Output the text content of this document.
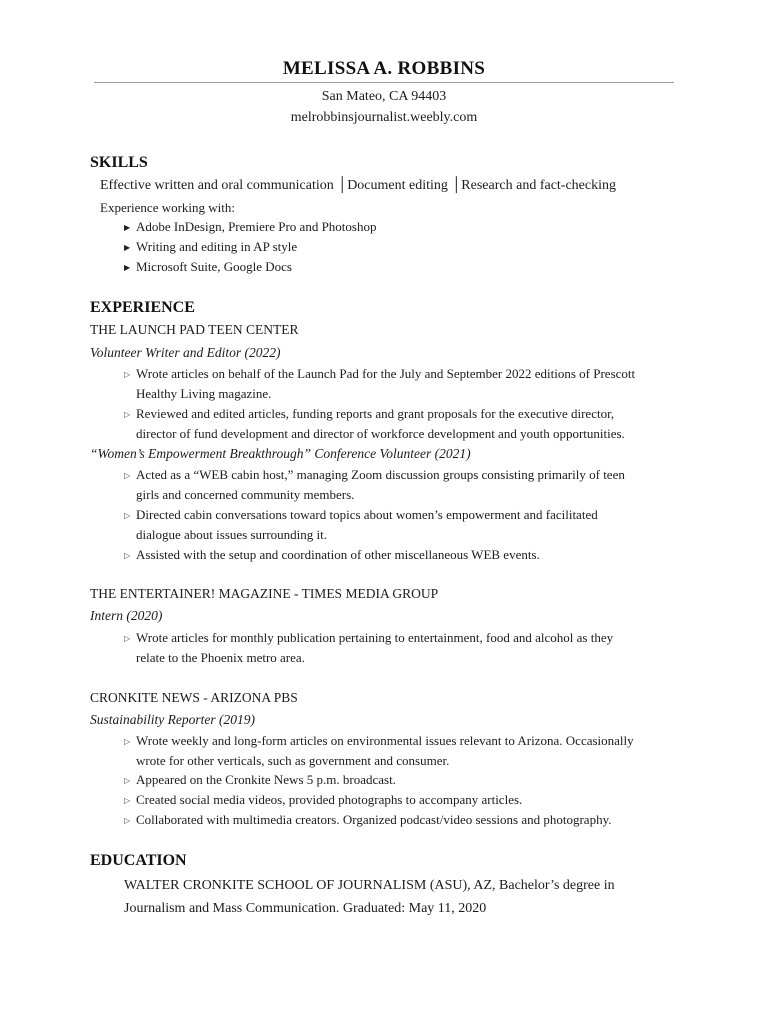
MELISSA A. ROBBINS
San Mateo, CA 94403
melrobbinsjournalist.weebly.com
SKILLS
Effective written and oral communication │Document editing │Research and fact-checking
Experience working with:
▶ Adobe InDesign, Premiere Pro and Photoshop
▶ Writing and editing in AP style
▶ Microsoft Suite, Google Docs
EXPERIENCE
THE LAUNCH PAD TEEN CENTER
Volunteer Writer and Editor (2022)
▷ Wrote articles on behalf of the Launch Pad for the July and September 2022 editions of Prescott
Healthy Living magazine.
▷ Reviewed and edited articles, funding reports and grant proposals for the executive director,
director of fund development and director of workforce development and youth opportunities.
“Women’s Empowerment Breakthrough” Conference Volunteer (2021)
▷ Acted as a “WEB cabin host,” managing Zoom discussion groups consisting primarily of teen
girls and concerned community members.
▷ Directed cabin conversations toward topics about women’s empowerment and facilitated
dialogue about issues surrounding it.
▷ Assisted with the setup and coordination of other miscellaneous WEB events.
THE ENTERTAINER! MAGAZINE - TIMES MEDIA GROUP
Intern (2020)
▷ Wrote articles for monthly publication pertaining to entertainment, food and alcohol as they
relate to the Phoenix metro area.
CRONKITE NEWS - ARIZONA PBS
Sustainability Reporter (2019)
▷ Wrote weekly and long-form articles on environmental issues relevant to Arizona. Occasionally
wrote for other verticals, such as government and consumer.
▷ Appeared on the Cronkite News 5 p.m. broadcast.
▷ Created social media videos, provided photographs to accompany articles.
▷ Collaborated with multimedia creators. Organized podcast/video sessions and photography.
EDUCATION
WALTER CRONKITE SCHOOL OF JOURNALISM (ASU), AZ, Bachelor’s degree in
Journalism and Mass Communication. Graduated: May 11, 2020
